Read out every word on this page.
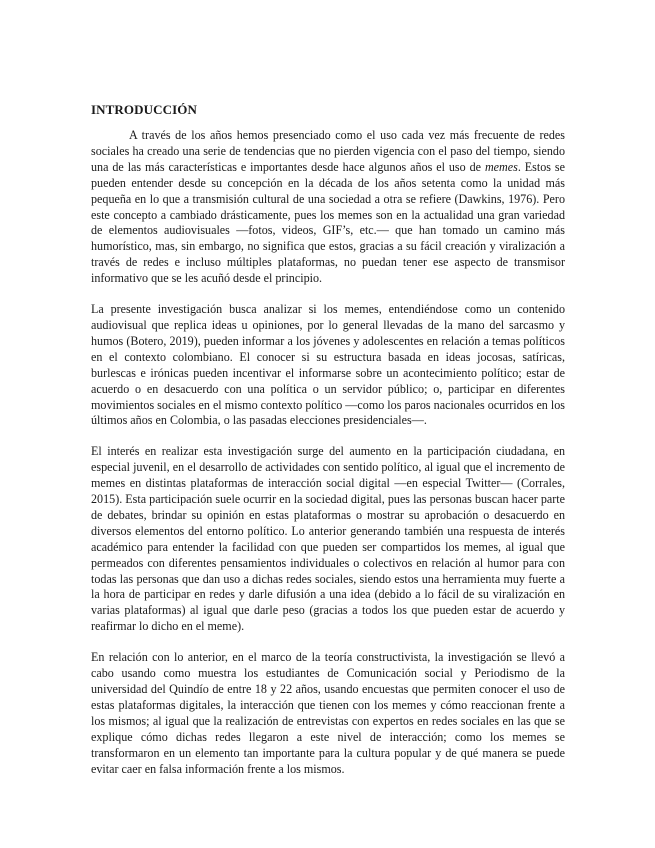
INTRODUCCIÓN

A través de los años hemos presenciado como el uso cada vez más frecuente de redes sociales ha creado una serie de tendencias que no pierden vigencia con el paso del tiempo, siendo una de las más características e importantes desde hace algunos años el uso de memes. Estos se pueden entender desde su concepción en la década de los años setenta como la unidad más pequeña en lo que a transmisión cultural de una sociedad a otra se refiere (Dawkins, 1976). Pero este concepto a cambiado drásticamente, pues los memes son en la actualidad una gran variedad de elementos audiovisuales —fotos, videos, GIF’s, etc.— que han tomado un camino más humorístico, mas, sin embargo, no significa que estos, gracias a su fácil creación y viralización a través de redes e incluso múltiples plataformas, no puedan tener ese aspecto de transmisor informativo que se les acuñó desde el principio.

La presente investigación busca analizar si los memes, entendiéndose como un contenido audiovisual que replica ideas u opiniones, por lo general llevadas de la mano del sarcasmo y humos (Botero, 2019), pueden informar a los jóvenes y adolescentes en relación a temas políticos en el contexto colombiano. El conocer si su estructura basada en ideas jocosas, satíricas, burlescas e irónicas pueden incentivar el informarse sobre un acontecimiento político; estar de acuerdo o en desacuerdo con una política o un servidor público; o, participar en diferentes movimientos sociales en el mismo contexto político —como los paros nacionales ocurridos en los últimos años en Colombia, o las pasadas elecciones presidenciales—.

El interés en realizar esta investigación surge del aumento en la participación ciudadana, en especial juvenil, en el desarrollo de actividades con sentido político, al igual que el incremento de memes en distintas plataformas de interacción social digital —en especial Twitter— (Corrales, 2015). Esta participación suele ocurrir en la sociedad digital, pues las personas buscan hacer parte de debates, brindar su opinión en estas plataformas o mostrar su aprobación o desacuerdo en diversos elementos del entorno político. Lo anterior generando también una respuesta de interés académico para entender la facilidad con que pueden ser compartidos los memes, al igual que permeados con diferentes pensamientos individuales o colectivos en relación al humor para con todas las personas que dan uso a dichas redes sociales, siendo estos una herramienta muy fuerte a la hora de participar en redes y darle difusión a una idea (debido a lo fácil de su viralización en varias plataformas) al igual que darle peso (gracias a todos los que pueden estar de acuerdo y reafirmar lo dicho en el meme).

En relación con lo anterior, en el marco de la teoría constructivista, la investigación se llevó a cabo usando como muestra los estudiantes de Comunicación social y Periodismo de la universidad del Quindío de entre 18 y 22 años, usando encuestas que permiten conocer el uso de estas plataformas digitales, la interacción que tienen con los memes y cómo reaccionan frente a los mismos; al igual que la realización de entrevistas con expertos en redes sociales en las que se explique cómo dichas redes llegaron a este nivel de interacción; como los memes se transformaron en un elemento tan importante para la cultura popular y de qué manera se puede evitar caer en falsa información frente a los mismos.
